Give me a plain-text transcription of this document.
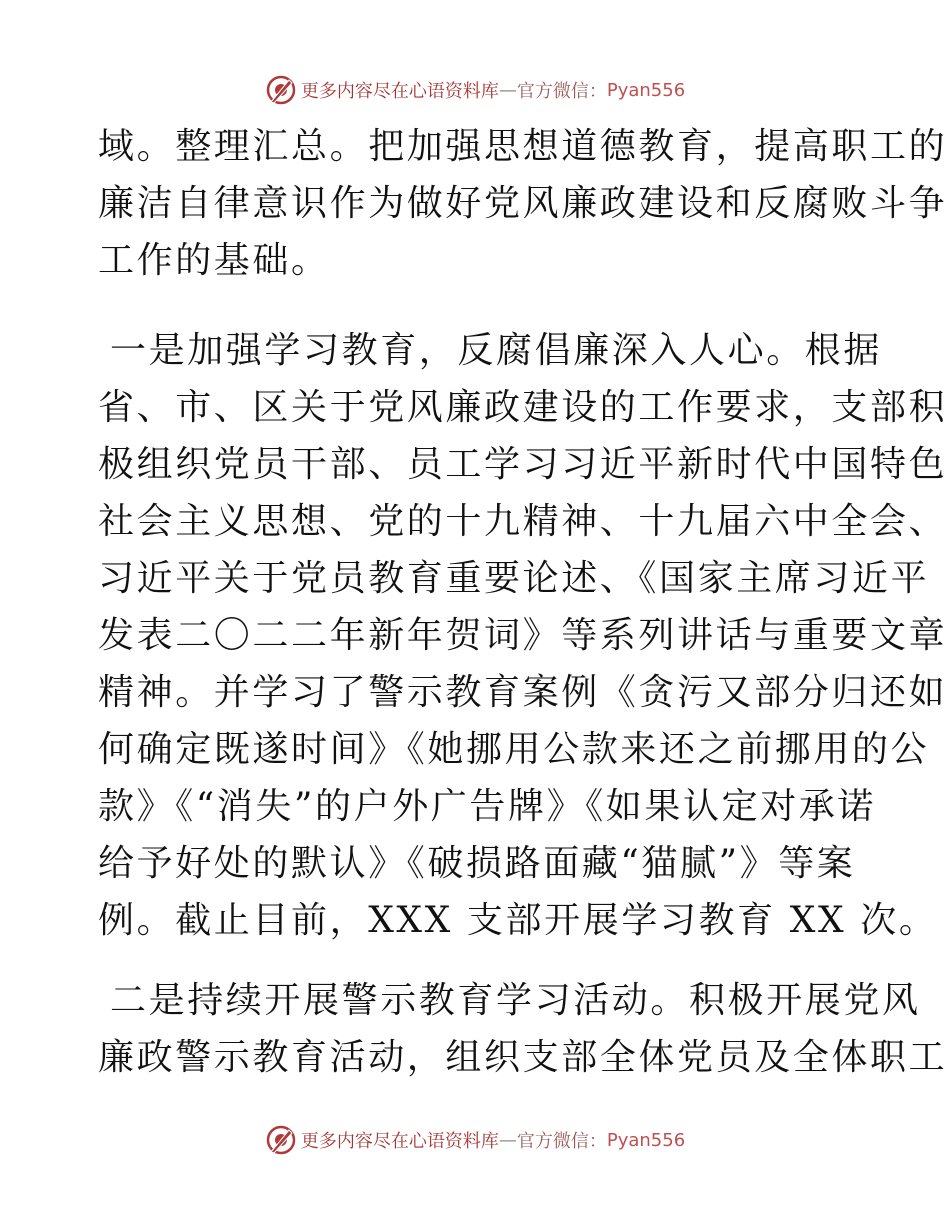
更多内容尽在心语资料库 — 官方微信： Pyan556
域。整理汇总。把加强思想道德教育，提高职工的
廉洁自律意识作为做好党风廉政建设和反腐败斗争
工作的基础。
一是加强学习教育，反腐倡廉深入人心。根据
省、市、区关于党风廉政建设的工作要求，支部积
极组织党员干部、员工学习习近平新时代中国特色
社会主义思想、党的十九精神、十九届六中全会、
习近平关于党员教育重要论述、《国家主席习近平
发表二〇二二年新年贺词》等系列讲话与重要文章
精神。并学习了警示教育案例《贪污又部分归还如
何确定既遂时间》《她挪用公款来还之前挪用的公
款》《“消失”的户外广告牌》《如果认定对承诺
给予好处的默认》《破损路面藏“猫腻”》等案
例。截止目前，XXX 支部开展学习教育 XX 次。
二是持续开展警示教育学习活动。积极开展党风
廉政警示教育活动，组织支部全体党员及全体职工
更多内容尽在心语资料库 — 官方微信： Pyan556
